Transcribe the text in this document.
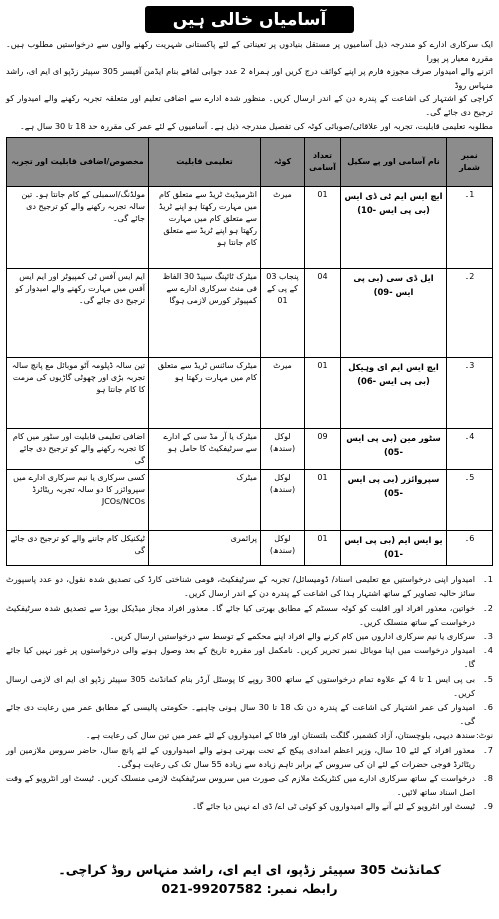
آسامیاں خالی ہیں

ایک سرکاری ادارے کو مندرجہ ذیل آسامیوں پر مستقل بنیادوں پر تعیناتی کے لئے پاکستانی شہریت رکھنے والوں سے درخواستیں مطلوب ہیں۔ مقررہ معیار پر پورا

اترنے والے امیدوار صرف مجوزہ فارم پر اپنے کوائف درج کریں اور ہمراہ 2 عدد جوابی لفافے بنام ایڈمن آفیسر 305 سپیئر زڈپو ای ایم ای، راشد منہاس روڈ

کراچی کو اشتہار کی اشاعت کے پندرہ دن کے اندر ارسال کریں۔ منظور شدہ ادارے سے اضافی تعلیم اور متعلقہ تجربہ رکھنے والے امیدوار کو ترجیح دی جائے گی۔

مطلوبہ تعلیمی قابلیت، تجربہ اور علاقائی/صوبائی کوٹہ کی تفصیل مندرجہ ذیل ہے۔ آسامیوں کے لئے عمر کی مقررہ حد 18 تا 30 سال ہے۔

نمبر شمار	نام آسامی اور پے سکیل	تعداد آسامی	کوٹہ	تعلیمی قابلیت	مخصوص/اضافی قابلیت اور تجربہ
1۔	ایچ ایس ایم ٹی ڈی ایس (بی پی ایس -10)	01	میرٹ	انٹرمیڈیٹ ٹریڈ سے متعلق کام میں مہارت رکھتا ہو اپنے ٹریڈ سے متعلق کام میں مہارت رکھتا ہو اپنے ٹریڈ سے متعلق کام جانتا ہو	مولڈنگ/اسمبلی کے کام جانتا ہو۔ تین سالہ تجربہ رکھنے والے کو ترجیح دی جائے گی۔
2۔	ایل ڈی سی (بی پی ایس -09)	04	پنجاب 03 کے پی کے 01	میٹرک ٹائپنگ سپیڈ 30 الفاظ فی منٹ سرکاری ادارے سے کمپیوٹر کورس لازمی ہوگا	ایم ایس آفس ٹی کمپیوٹر اور ایم ایس آفس میں مہارت رکھنے والے امیدوار کو ترجیح دی جائے گی۔
3۔	ایچ ایس ایم ای وہیکل (بی پی ایس -06)	01	میرٹ	میٹرک سائنس ٹریڈ سے متعلق کام میں مہارت رکھتا ہو	تین سالہ ڈپلومہ آٹو موبائل مع پانچ سالہ تجربہ بڑی اور چھوٹی گاڑیوں کی مرمت کا کام جانتا ہو
4۔	سٹور مین (بی پی ایس -05)	09	لوکل (سندھ)	میٹرک یا آر مڈ سی کے ادارے سے سرٹیفکیٹ کا حامل ہو	اضافی تعلیمی قابلیت اور سٹور میں کام کا تجربہ رکھنے والے کو ترجیح دی جائے گی
5۔	سپروائزر (بی پی ایس -05)	01	لوکل (سندھ)	میٹرک	کسی سرکاری یا نیم سرکاری ادارے میں سپروائزر کا دو سالہ تجربہ ریٹائرڈ
JCOs/NCOs
6۔	یو ایس ایم (بی پی ایس -01)	01	لوکل (سندھ)	پرائمری	ٹیکنیکل کام جاننے والے کو ترجیح دی جائے گی

1۔
امیدوار اپنی درخواستیں مع تعلیمی اسناد/ ڈومیسائل/ تجربہ کے سرٹیفکیٹ، قومی شناختی کارڈ کی تصدیق شدہ نقول، دو عدد پاسپورٹ سائز حالیہ تصاویر کے ساتھ اشتہار ہذا کی اشاعت کے پندرہ دن کے اندر ارسال کریں۔

2۔
خواتین، معذور افراد اور اقلیت کو کوٹہ سسٹم کے مطابق بھرتی کیا جائے گا۔ معذور افراد مجاز میڈیکل بورڈ سے تصدیق شدہ سرٹیفکیٹ درخواست کے ساتھ منسلک کریں۔

3۔
سرکاری یا نیم سرکاری اداروں میں کام کرنے والے افراد اپنے محکمے کے توسط سے درخواستیں ارسال کریں۔

4۔
امیدوار درخواست میں اپنا موبائل نمبر تحریر کریں۔ نامکمل اور مقررہ تاریخ کے بعد وصول ہونے والی درخواستوں پر غور نہیں کیا جائے گا۔

5۔
بی پی ایس 1 تا 4 کے علاوہ تمام درخواستوں کے ساتھ 300 روپے کا پوسٹل آرڈر بنام کمانڈنٹ 305 سپیئر زڈپو ای ایم ای لازمی ارسال کریں۔

6۔
امیدوار کی عمر اشتہار کی اشاعت کے پندرہ دن تک 18 تا 30 سال ہونی چاہیے۔ حکومتی پالیسی کے مطابق عمر میں رعایت دی جائے گی۔

نوٹ:
سندھ دیہی، بلوچستان، آزاد کشمیر، گلگت بلتستان اور فاٹا کے امیدواروں کے لئے عمر میں تین سال کی رعایت ہے۔

7۔
معذور افراد کے لئے 10 سال، وزیر اعظم امدادی پیکج کے تحت بھرتی ہونے والے امیدواروں کے لئے پانچ سال، حاضر سروس ملازمین اور ریٹائرڈ فوجی حضرات کے لئے ان کی سروس کے برابر تاہم زیادہ سے زیادہ 55 سال تک کی رعایت ہوگی۔

8۔
درخواست کے ساتھ سرکاری ادارے میں کنٹریکٹ ملازم کی صورت میں سروس سرٹیفکیٹ لازمی منسلک کریں۔ ٹیسٹ اور انٹرویو کے وقت اصل اسناد ساتھ لائیں۔

9۔
ٹیسٹ اور انٹرویو کے لئے آنے والے امیدواروں کو کوئی ٹی اے/ ڈی اے نہیں دیا جائے گا۔

کمانڈنٹ 305 سپیئر زڈپو، ای ایم ای، راشد منہاس روڈ کراچی۔
رابطہ نمبر: 021-99207582
